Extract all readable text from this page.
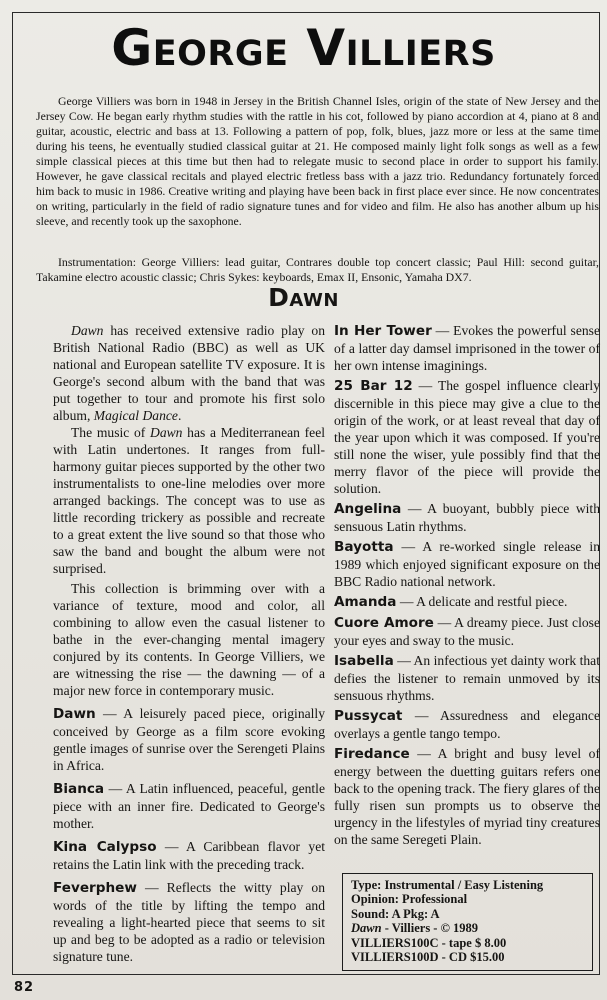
George Villiers

George Villiers was born in 1948 in Jersey in the British Channel Isles, origin of the state of New Jersey and the Jersey Cow. He began early rhythm studies with the rattle in his cot, followed by piano accordion at 4, piano at 8 and guitar, acoustic, electric and bass at 13. Following a pattern of pop, folk, blues, jazz more or less at the same time during his teens, he eventually studied classical guitar at 21. He composed mainly light folk songs as well as a few simple classical pieces at this time but then had to relegate music to second place in order to support his family. However, he gave classical recitals and played electric fretless bass with a jazz trio. Redundancy fortunately forced him back to music in 1986. Creative writing and playing have been back in first place ever since. He now concentrates on writing, particularly in the field of radio signature tunes and for video and film. He also has another album up his sleeve, and recently took up the saxophone.

Instrumentation: George Villiers: lead guitar, Contrares double top concert classic; Paul Hill: second guitar, Takamine electro acoustic classic; Chris Sykes: keyboards, Emax II, Ensonic, Yamaha DX7.

Dawn

Dawn has received extensive radio play on British National Radio (BBC) as well as UK national and European satellite TV exposure. It is George's second album with the band that was put together to tour and promote his first solo album, Magical Dance.

The music of Dawn has a Mediterranean feel with Latin undertones. It ranges from full-harmony guitar pieces supported by the other two instrumentalists to one-line melodies over more arranged backings. The concept was to use as little recording trickery as possible and recreate to a great extent the live sound so that those who saw the band and bought the album were not surprised.

This collection is brimming over with a variance of texture, mood and color, all combining to allow even the casual listener to bathe in the ever-changing mental imagery conjured by its contents. In George Villiers, we are witnessing the rise — the dawning — of a major new force in contemporary music.

Dawn — A leisurely paced piece, originally conceived by George as a film score evoking gentle images of sunrise over the Serengeti Plains in Africa.

Bianca — A Latin influenced, peaceful, gentle piece with an inner fire. Dedicated to George's mother.

Kina Calypso — A Caribbean flavor yet retains the Latin link with the preceding track.

Feverphew — Reflects the witty play on words of the title by lifting the tempo and revealing a light-hearted piece that seems to sit up and beg to be adopted as a radio or television signature tune.

In Her Tower — Evokes the powerful sense of a latter day damsel imprisoned in the tower of her own intense imaginings.

25 Bar 12 — The gospel influence clearly discernible in this piece may give a clue to the origin of the work, or at least reveal that day of the year upon which it was composed. If you're still none the wiser, yule possibly find that the merry flavor of the piece will provide the solution.

Angelina — A buoyant, bubbly piece with sensuous Latin rhythms.

Bayotta — A re-worked single release in 1989 which enjoyed significant exposure on the BBC Radio national network.

Amanda — A delicate and restful piece.

Cuore Amore — A dreamy piece. Just close your eyes and sway to the music.

Isabella — An infectious yet dainty work that defies the listener to remain unmoved by its sensuous rhythms.

Pussycat — Assuredness and elegance overlays a gentle tango tempo.

Firedance — A bright and busy level of energy between the duetting guitars refers one back to the opening track. The fiery glares of the fully risen sun prompts us to observe the urgency in the lifestyles of myriad tiny creatures on the same Seregeti Plain.

Type: Instrumental / Easy Listening
Opinion: Professional
Sound: A Pkg: A
Dawn - Villiers - © 1989
VILLIERS100C - tape $ 8.00
VILLIERS100D - CD $15.00
82
